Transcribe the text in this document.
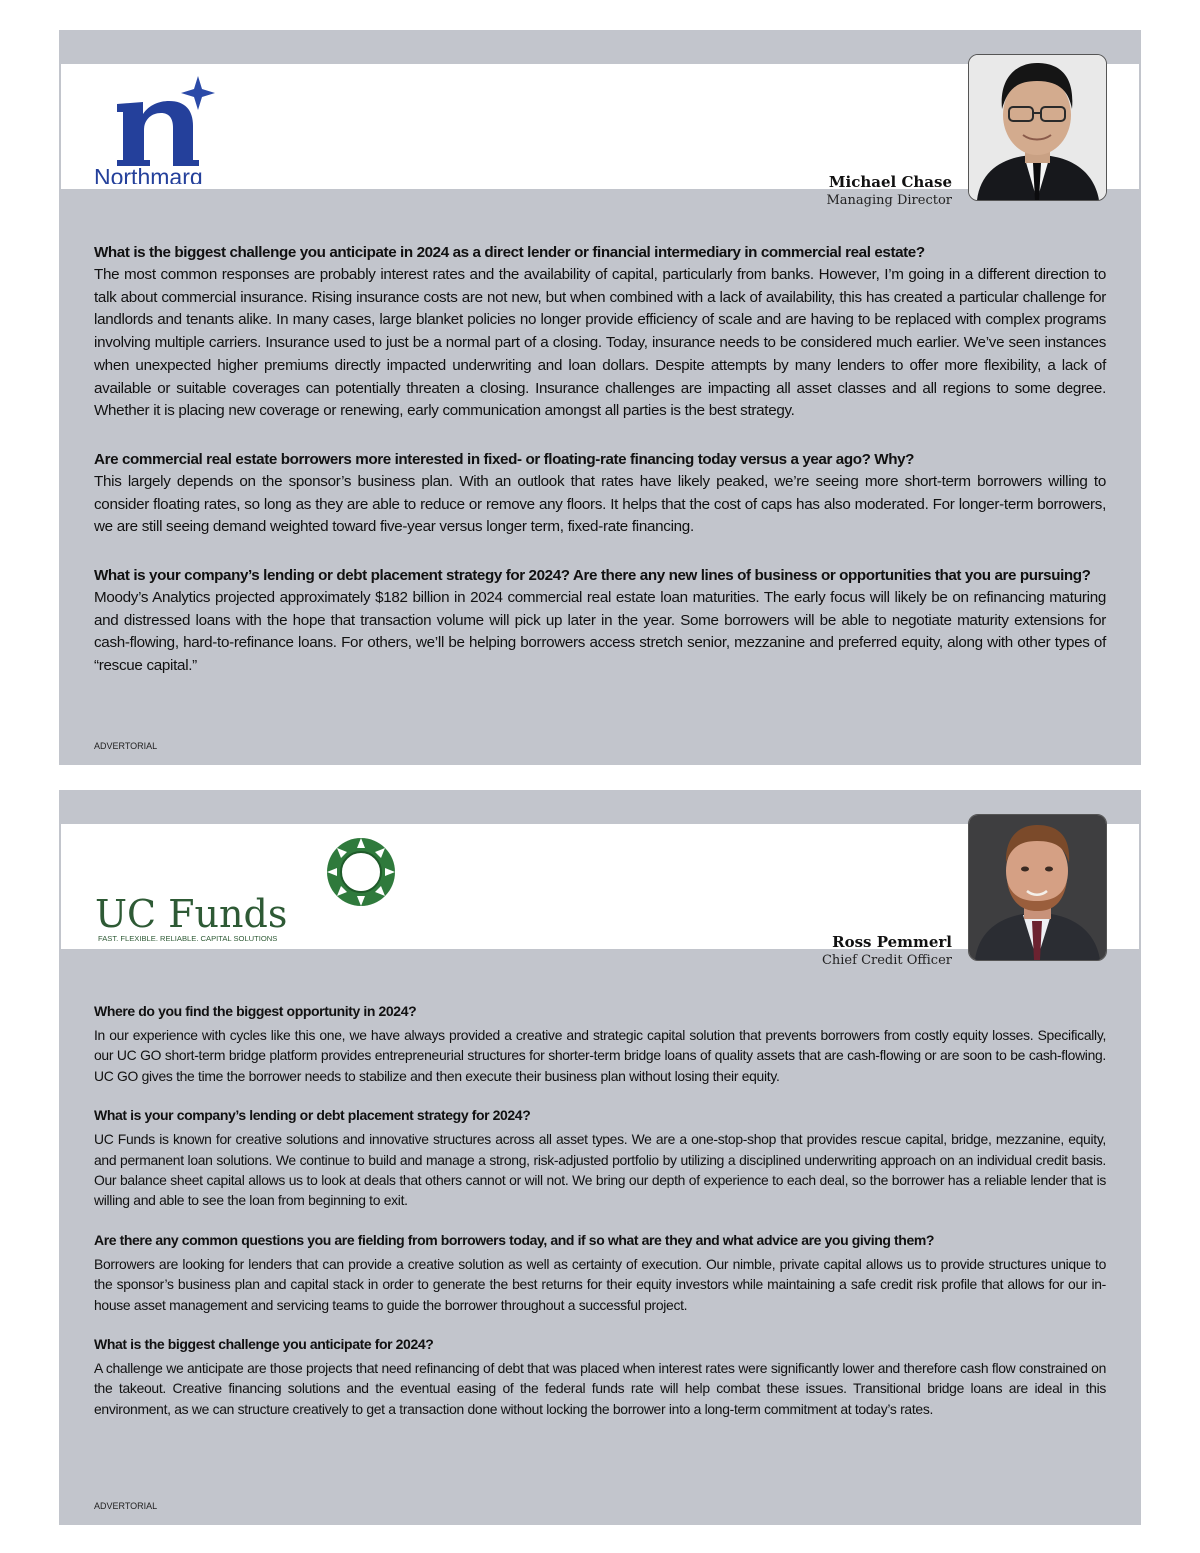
Northmarq	Michael Chase
Managing Director

What is the biggest challenge you anticipate in 2024 as a direct lender or financial intermediary in commercial real estate?

The most common responses are probably interest rates and the availability of capital, particularly from banks. However, I’m going in a different direction to talk about commercial insurance. Rising insurance costs are not new, but when combined with a lack of availability, this has created a particular challenge for landlords and tenants alike. In many cases, large blanket policies no longer provide efficiency of scale and are having to be replaced with complex programs involving multiple carriers. Insurance used to just be a normal part of a closing. Today, insurance needs to be considered much earlier. We’ve seen instances when unexpected higher premiums directly impacted underwriting and loan dollars. Despite attempts by many lenders to offer more flexibility, a lack of available or suitable coverages can potentially threaten a closing. Insurance challenges are impacting all asset classes and all regions to some degree. Whether it is placing new coverage or renewing, early communication amongst all parties is the best strategy.

Are commercial real estate borrowers more interested in fixed- or floating-rate financing today versus a year ago? Why?

This largely depends on the sponsor’s business plan. With an outlook that rates have likely peaked, we’re seeing more short-term borrowers willing to consider floating rates, so long as they are able to reduce or remove any floors. It helps that the cost of caps has also moderated. For longer-term borrowers, we are still seeing demand weighted toward five-year versus longer term, fixed-rate financing.

What is your company’s lending or debt placement strategy for 2024? Are there any new lines of business or opportunities that you are pursuing?

Moody’s Analytics projected approximately $182 billion in 2024 commercial real estate loan maturities. The early focus will likely be on refinancing maturing and distressed loans with the hope that transaction volume will pick up later in the year. Some borrowers will be able to negotiate maturity extensions for cash-flowing, hard-to-refinance loans. For others, we’ll be helping borrowers access stretch senior, mezzanine and preferred equity, along with other types of “rescue capital.”

ADVERTORIAL
UC Funds
FAST. FLEXIBLE. RELIABLE. CAPITAL SOLUTIONS	Ross Pemmerl
Chief Credit Officer

Where do you find the biggest opportunity in 2024?

In our experience with cycles like this one, we have always provided a creative and strategic capital solution that prevents borrowers from costly equity losses. Specifically, our UC GO short-term bridge platform provides entrepreneurial structures for shorter-term bridge loans of quality assets that are cash-flowing or are soon to be cash-flowing. UC GO gives the time the borrower needs to stabilize and then execute their business plan without losing their equity.

What is your company’s lending or debt placement strategy for 2024?

UC Funds is known for creative solutions and innovative structures across all asset types. We are a one-stop-shop that provides rescue capital, bridge, mezzanine, equity, and permanent loan solutions. We continue to build and manage a strong, risk-adjusted portfolio by utilizing a disciplined underwriting approach on an individual credit basis. Our balance sheet capital allows us to look at deals that others cannot or will not. We bring our depth of experience to each deal, so the borrower has a reliable lender that is willing and able to see the loan from beginning to exit.

Are there any common questions you are fielding from borrowers today, and if so what are they and what advice are you giving them?

Borrowers are looking for lenders that can provide a creative solution as well as certainty of execution. Our nimble, private capital allows us to provide structures unique to the sponsor’s business plan and capital stack in order to generate the best returns for their equity investors while maintaining a safe credit risk profile that allows for our in-house asset management and servicing teams to guide the borrower throughout a successful project.

What is the biggest challenge you anticipate for 2024?

A challenge we anticipate are those projects that need refinancing of debt that was placed when interest rates were significantly lower and therefore cash flow constrained on the takeout. Creative financing solutions and the eventual easing of the federal funds rate will help combat these issues. Transitional bridge loans are ideal in this environment, as we can structure creatively to get a transaction done without locking the borrower into a long-term commitment at today’s rates.

ADVERTORIAL
